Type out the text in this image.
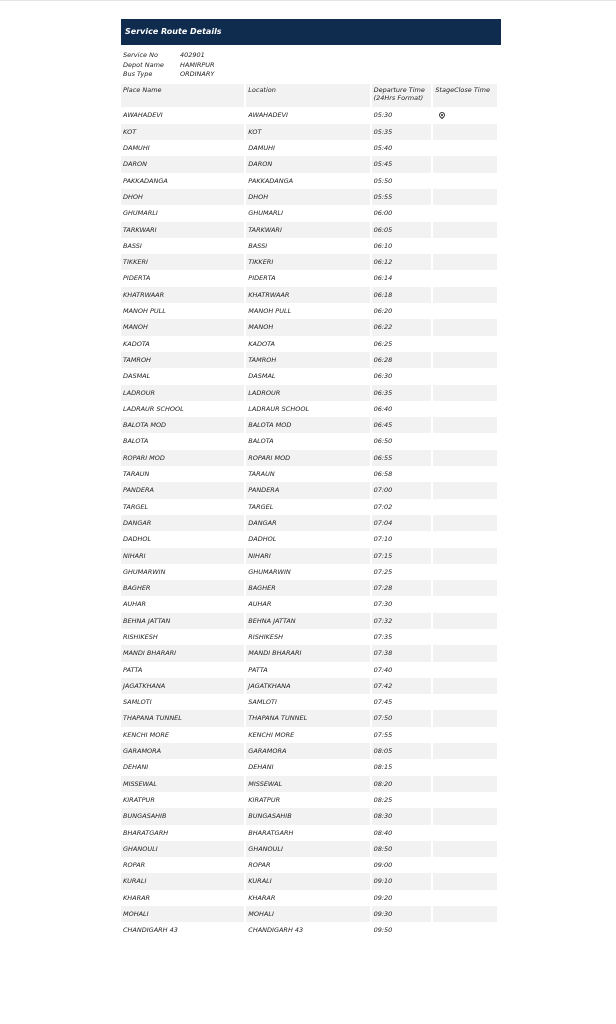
Service Route Details
Service No	402901
Depot Name	HAMIRPUR
Bus Type	ORDINARY
Place Name	Location	Departure Time (24Hrs Format)	StageClose Time
AWAHADEVI	AWAHADEVI	05:30	
KOT	KOT	05:35	
DAMUHI	DAMUHI	05:40	
DARON	DARON	05:45	
PAKKADANGA	PAKKADANGA	05:50	
DHOH	DHOH	05:55	
GHUMARLI	GHUMARLI	06:00	
TARKWARI	TARKWARI	06:05	
BASSI	BASSI	06:10	
TIKKERI	TIKKERI	06:12	
PIDERTA	PIDERTA	06:14	
KHATRWAAR	KHATRWAAR	06:18	
MANOH PULL	MANOH PULL	06:20	
MANOH	MANOH	06:22	
KADOTA	KADOTA	06:25	
TAMROH	TAMROH	06:28	
DASMAL	DASMAL	06:30	
LADROUR	LADROUR	06:35	
LADRAUR SCHOOL	LADRAUR SCHOOL	06:40	
BALOTA MOD	BALOTA MOD	06:45	
BALOTA	BALOTA	06:50	
ROPARI MOD	ROPARI MOD	06:55	
TARAUN	TARAUN	06:58	
PANDERA	PANDERA	07:00	
TARGEL	TARGEL	07:02	
DANGAR	DANGAR	07:04	
DADHOL	DADHOL	07:10	
NIHARI	NIHARI	07:15	
GHUMARWIN	GHUMARWIN	07:25	
BAGHER	BAGHER	07:28	
AUHAR	AUHAR	07:30	
BEHNA JATTAN	BEHNA JATTAN	07:32	
RISHIKESH	RISHIKESH	07:35	
MANDI BHARARI	MANDI BHARARI	07:38	
PATTA	PATTA	07:40	
JAGATKHANA	JAGATKHANA	07:42	
SAMLOTI	SAMLOTI	07:45	
THAPANA TUNNEL	THAPANA TUNNEL	07:50	
KENCHI MORE	KENCHI MORE	07:55	
GARAMORA	GARAMORA	08:05	
DEHANI	DEHANI	08:15	
MISSEWAL	MISSEWAL	08:20	
KIRATPUR	KIRATPUR	08:25	
BUNGASAHIB	BUNGASAHIB	08:30	
BHARATGARH	BHARATGARH	08:40	
GHANOULI	GHANOULI	08:50	
ROPAR	ROPAR	09:00	
KURALI	KURALI	09:10	
KHARAR	KHARAR	09:20	
MOHALI	MOHALI	09:30	
CHANDIGARH 43	CHANDIGARH 43	09:50	
